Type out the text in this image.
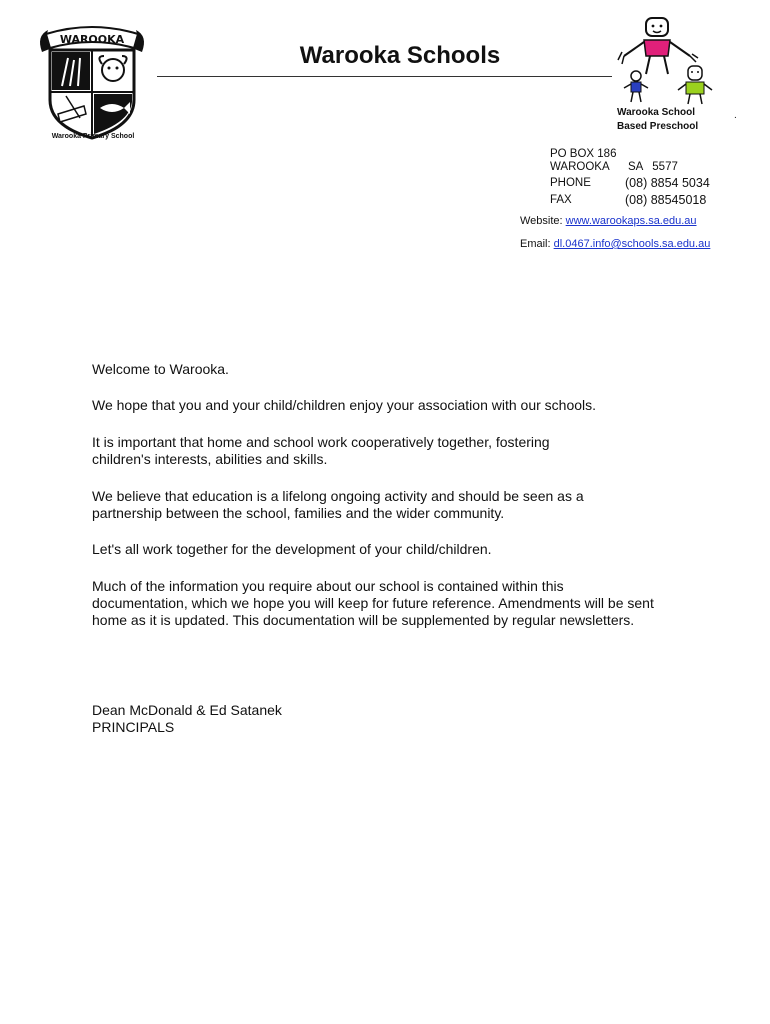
WAROOKA
Warooka Primary School
Warooka Schools
Warooka School
Based Preschool
.
PO BOX 186
WAROOKA SA   5577
PHONE	(08) 8854 5034
FAX	(08) 88545018
Website: www.warookaps.sa.edu.au
Email: dl.0467.info@schools.sa.edu.au
Welcome to Warooka.
We hope that you and your child/children enjoy your association with our schools.
It is important that home and school work cooperatively together, fostering
children's interests, abilities and skills.
We believe that education is a lifelong ongoing activity and should be seen as a
partnership between the school, families and the wider community.
Let's all work together for the development of your child/children.
Much of the information you require about our school is contained within this
documentation, which we hope you will keep for future reference. Amendments will be sent
home as it is updated. This documentation will be supplemented by regular newsletters.
Dean McDonald & Ed Satanek
PRINCIPALS
